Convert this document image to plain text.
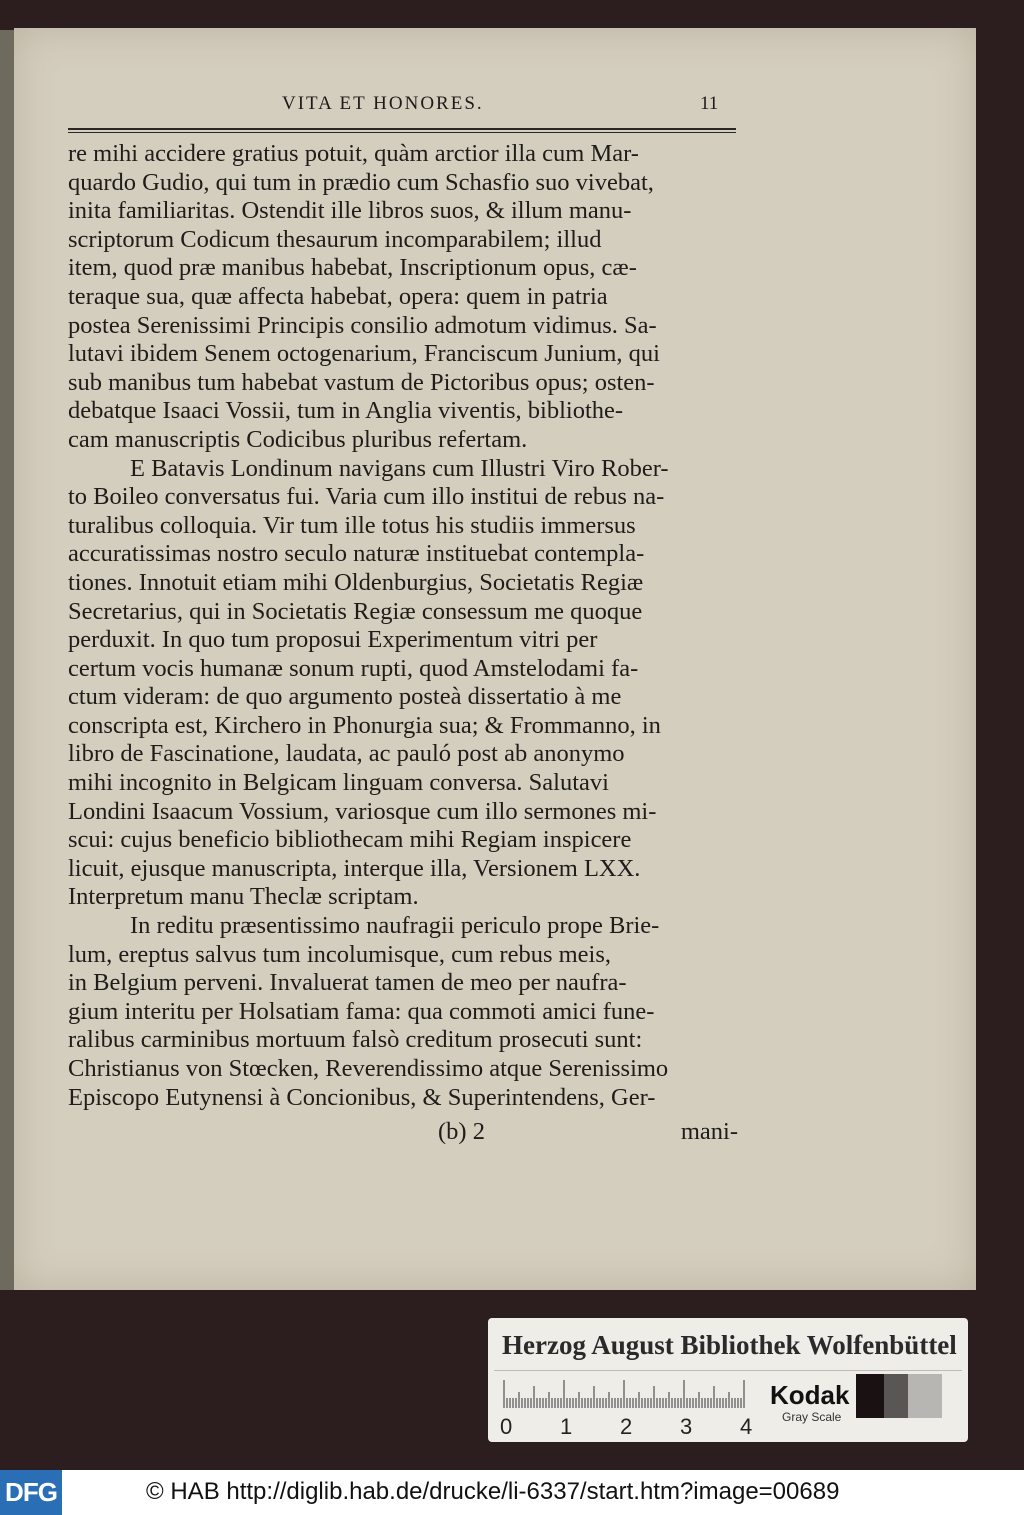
VITA ET HONORES.	11
re mihi accidere gratius potuit, quàm arctior illa cum Mar-
quardo Gudio, qui tum in prædio cum Schasfio suo vivebat,
inita familiaritas. Ostendit ille libros suos, & illum manu-
scriptorum Codicum thesaurum incomparabilem; illud
item, quod præ manibus habebat, Inscriptionum opus, cæ-
teraque sua, quæ affecta habebat, opera: quem in patria
postea Serenissimi Principis consilio admotum vidimus. Sa-
lutavi ibidem Senem octogenarium, Franciscum Junium, qui
sub manibus tum habebat vastum de Pictoribus opus; osten-
debatque Isaaci Vossii, tum in Anglia viventis, bibliothe-
cam manuscriptis Codicibus pluribus refertam.
E Batavis Londinum navigans cum Illustri Viro Rober-
to Boileo conversatus fui. Varia cum illo institui de rebus na-
turalibus colloquia. Vir tum ille totus his studiis immersus
accuratissimas nostro seculo naturæ instituebat contempla-
tiones. Innotuit etiam mihi Oldenburgius, Societatis Regiæ
Secretarius, qui in Societatis Regiæ consessum me quoque
perduxit. In quo tum proposui Experimentum vitri per
certum vocis humanæ sonum rupti, quod Amstelodami fa-
ctum videram: de quo argumento posteà dissertatio à me
conscripta est, Kirchero in Phonurgia sua; & Frommanno, in
libro de Fascinatione, laudata, ac pauló post ab anonymo
mihi incognito in Belgicam linguam conversa. Salutavi
Londini Isaacum Vossium, variosque cum illo sermones mi-
scui: cujus beneficio bibliothecam mihi Regiam inspicere
licuit, ejusque manuscripta, interque illa, Versionem LXX.
Interpretum manu Theclæ scriptam.
In reditu præsentissimo naufragii periculo prope Brie-
lum, ereptus salvus tum incolumisque, cum rebus meis,
in Belgium perveni. Invaluerat tamen de meo per naufra-
gium interitu per Holsatiam fama: qua commoti amici fune-
ralibus carminibus mortuum falsò creditum prosecuti sunt:
Christianus von Stœcken, Reverendissimo atque Serenissimo
Episcopo Eutynensi à Concionibus, & Superintendens, Ger-
(b) 2	mani-
Herzog August Bibliothek Wolfenbüttel
0 1 2 3 4
Kodak
Gray Scale
DFG	© HAB http://diglib.hab.de/drucke/li-6337/start.htm?image=00689
